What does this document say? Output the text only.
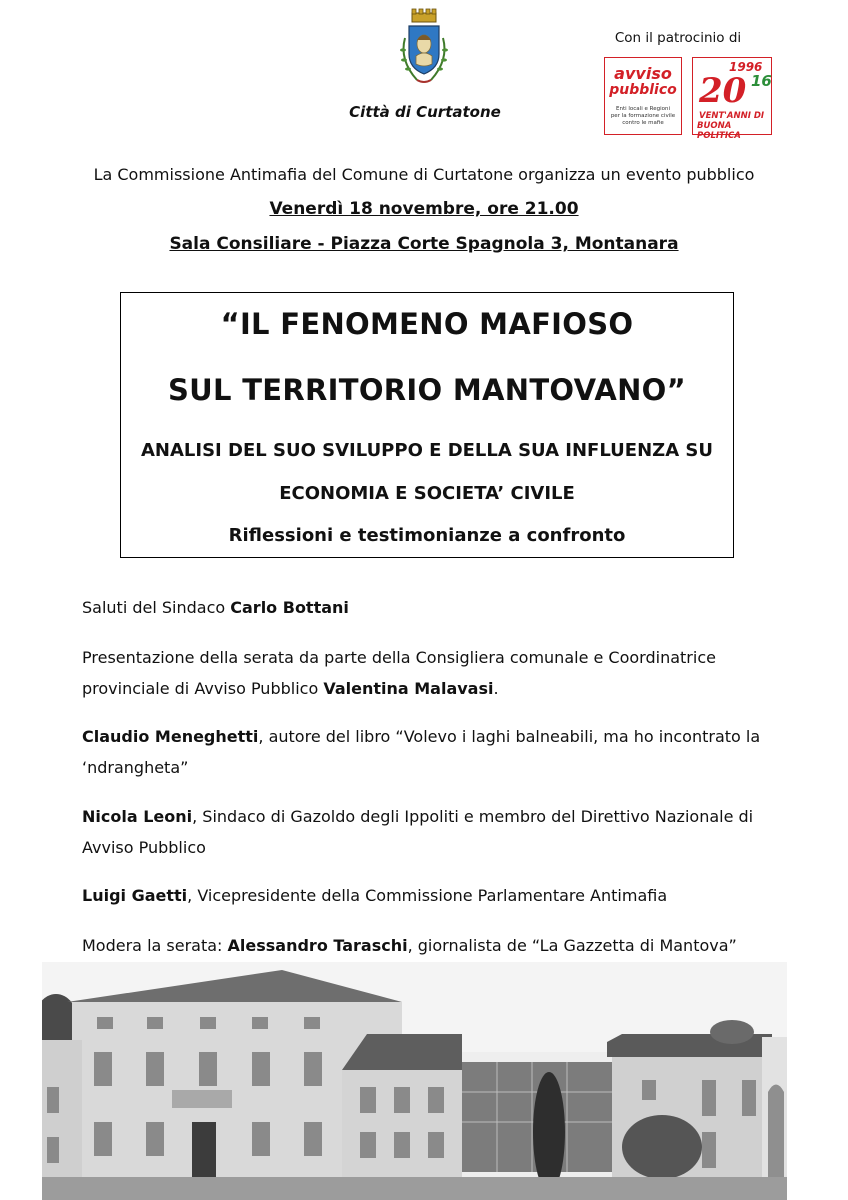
Città di Curtatone
Con il patrocinio di
avviso
pubblico
Enti locali e Regioni
per la formazione civile
contro le mafie
1996
20 16
VENT'ANNI DI
BUONA POLITICA
La Commissione Antimafia del Comune di Curtatone organizza un evento pubblico
Venerdì 18 novembre, ore 21.00
Sala Consiliare - Piazza Corte Spagnola 3, Montanara
“IL FENOMENO MAFIOSO
SUL TERRITORIO MANTOVANO”
ANALISI DEL SUO SVILUPPO E DELLA SUA INFLUENZA SU
ECONOMIA E SOCIETA’ CIVILE
Riflessioni e testimonianze a confronto
Saluti del Sindaco Carlo Bottani
Presentazione della serata da parte della Consigliera comunale e Coordinatrice provinciale di Avviso Pubblico Valentina Malavasi.
Claudio Meneghetti, autore del libro “Volevo i laghi balneabili, ma ho incontrato la ‘ndrangheta”
Nicola Leoni, Sindaco di Gazoldo degli Ippoliti e membro del Direttivo Nazionale di Avviso Pubblico
Luigi Gaetti, Vicepresidente della Commissione Parlamentare Antimafia
Modera la serata: Alessandro Taraschi, giornalista de “La Gazzetta di Mantova”
